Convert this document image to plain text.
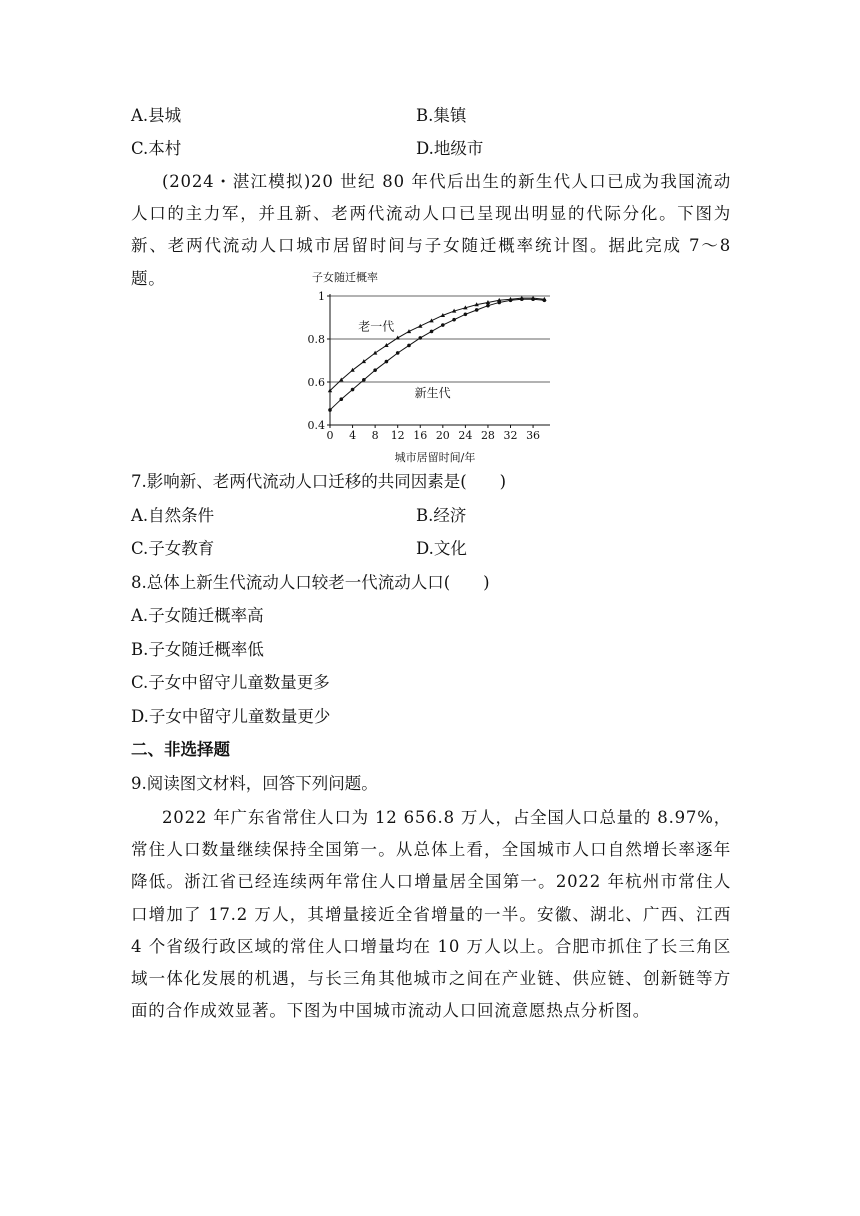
A.县城	B.集镇
C.本村	D.地级市

(2024・湛江模拟)20 世纪 80 年代后出生的新生代人口已成为我国流动人口的主力军，并且新、老两代流动人口已呈现出明显的代际分化。下图为新、老两代流动人口城市居留时间与子女随迁概率统计图。据此完成 7～8 题。	子女随迁概率
0.4
0.6
0.8
1
0 4 8 12 16 20 24 28 32 36
老一代
新生代
城市居留时间/年
7.影响新、老两代流动人口迁移的共同因素是(　　)
A.自然条件	B.经济
C.子女教育	D.文化
8.总体上新生代流动人口较老一代流动人口(　　)
A.子女随迁概率高
B.子女随迁概率低
C.子女中留守儿童数量更多
D.子女中留守儿童数量更少
二、非选择题
9.阅读图文材料，回答下列问题。

2022 年广东省常住人口为 12 656.8 万人，占全国人口总量的 8.97%，常住人口数量继续保持全国第一。从总体上看，全国城市人口自然增长率逐年降低。浙江省已经连续两年常住人口增量居全国第一。2022 年杭州市常住人口增加了 17.2 万人，其增量接近全省增量的一半。安徽、湖北、广西、江西 4 个省级行政区域的常住人口增量均在 10 万人以上。合肥市抓住了长三角区域一体化发展的机遇，与长三角其他城市之间在产业链、供应链、创新链等方面的合作成效显著。下图为中国城市流动人口回流意愿热点分析图。
